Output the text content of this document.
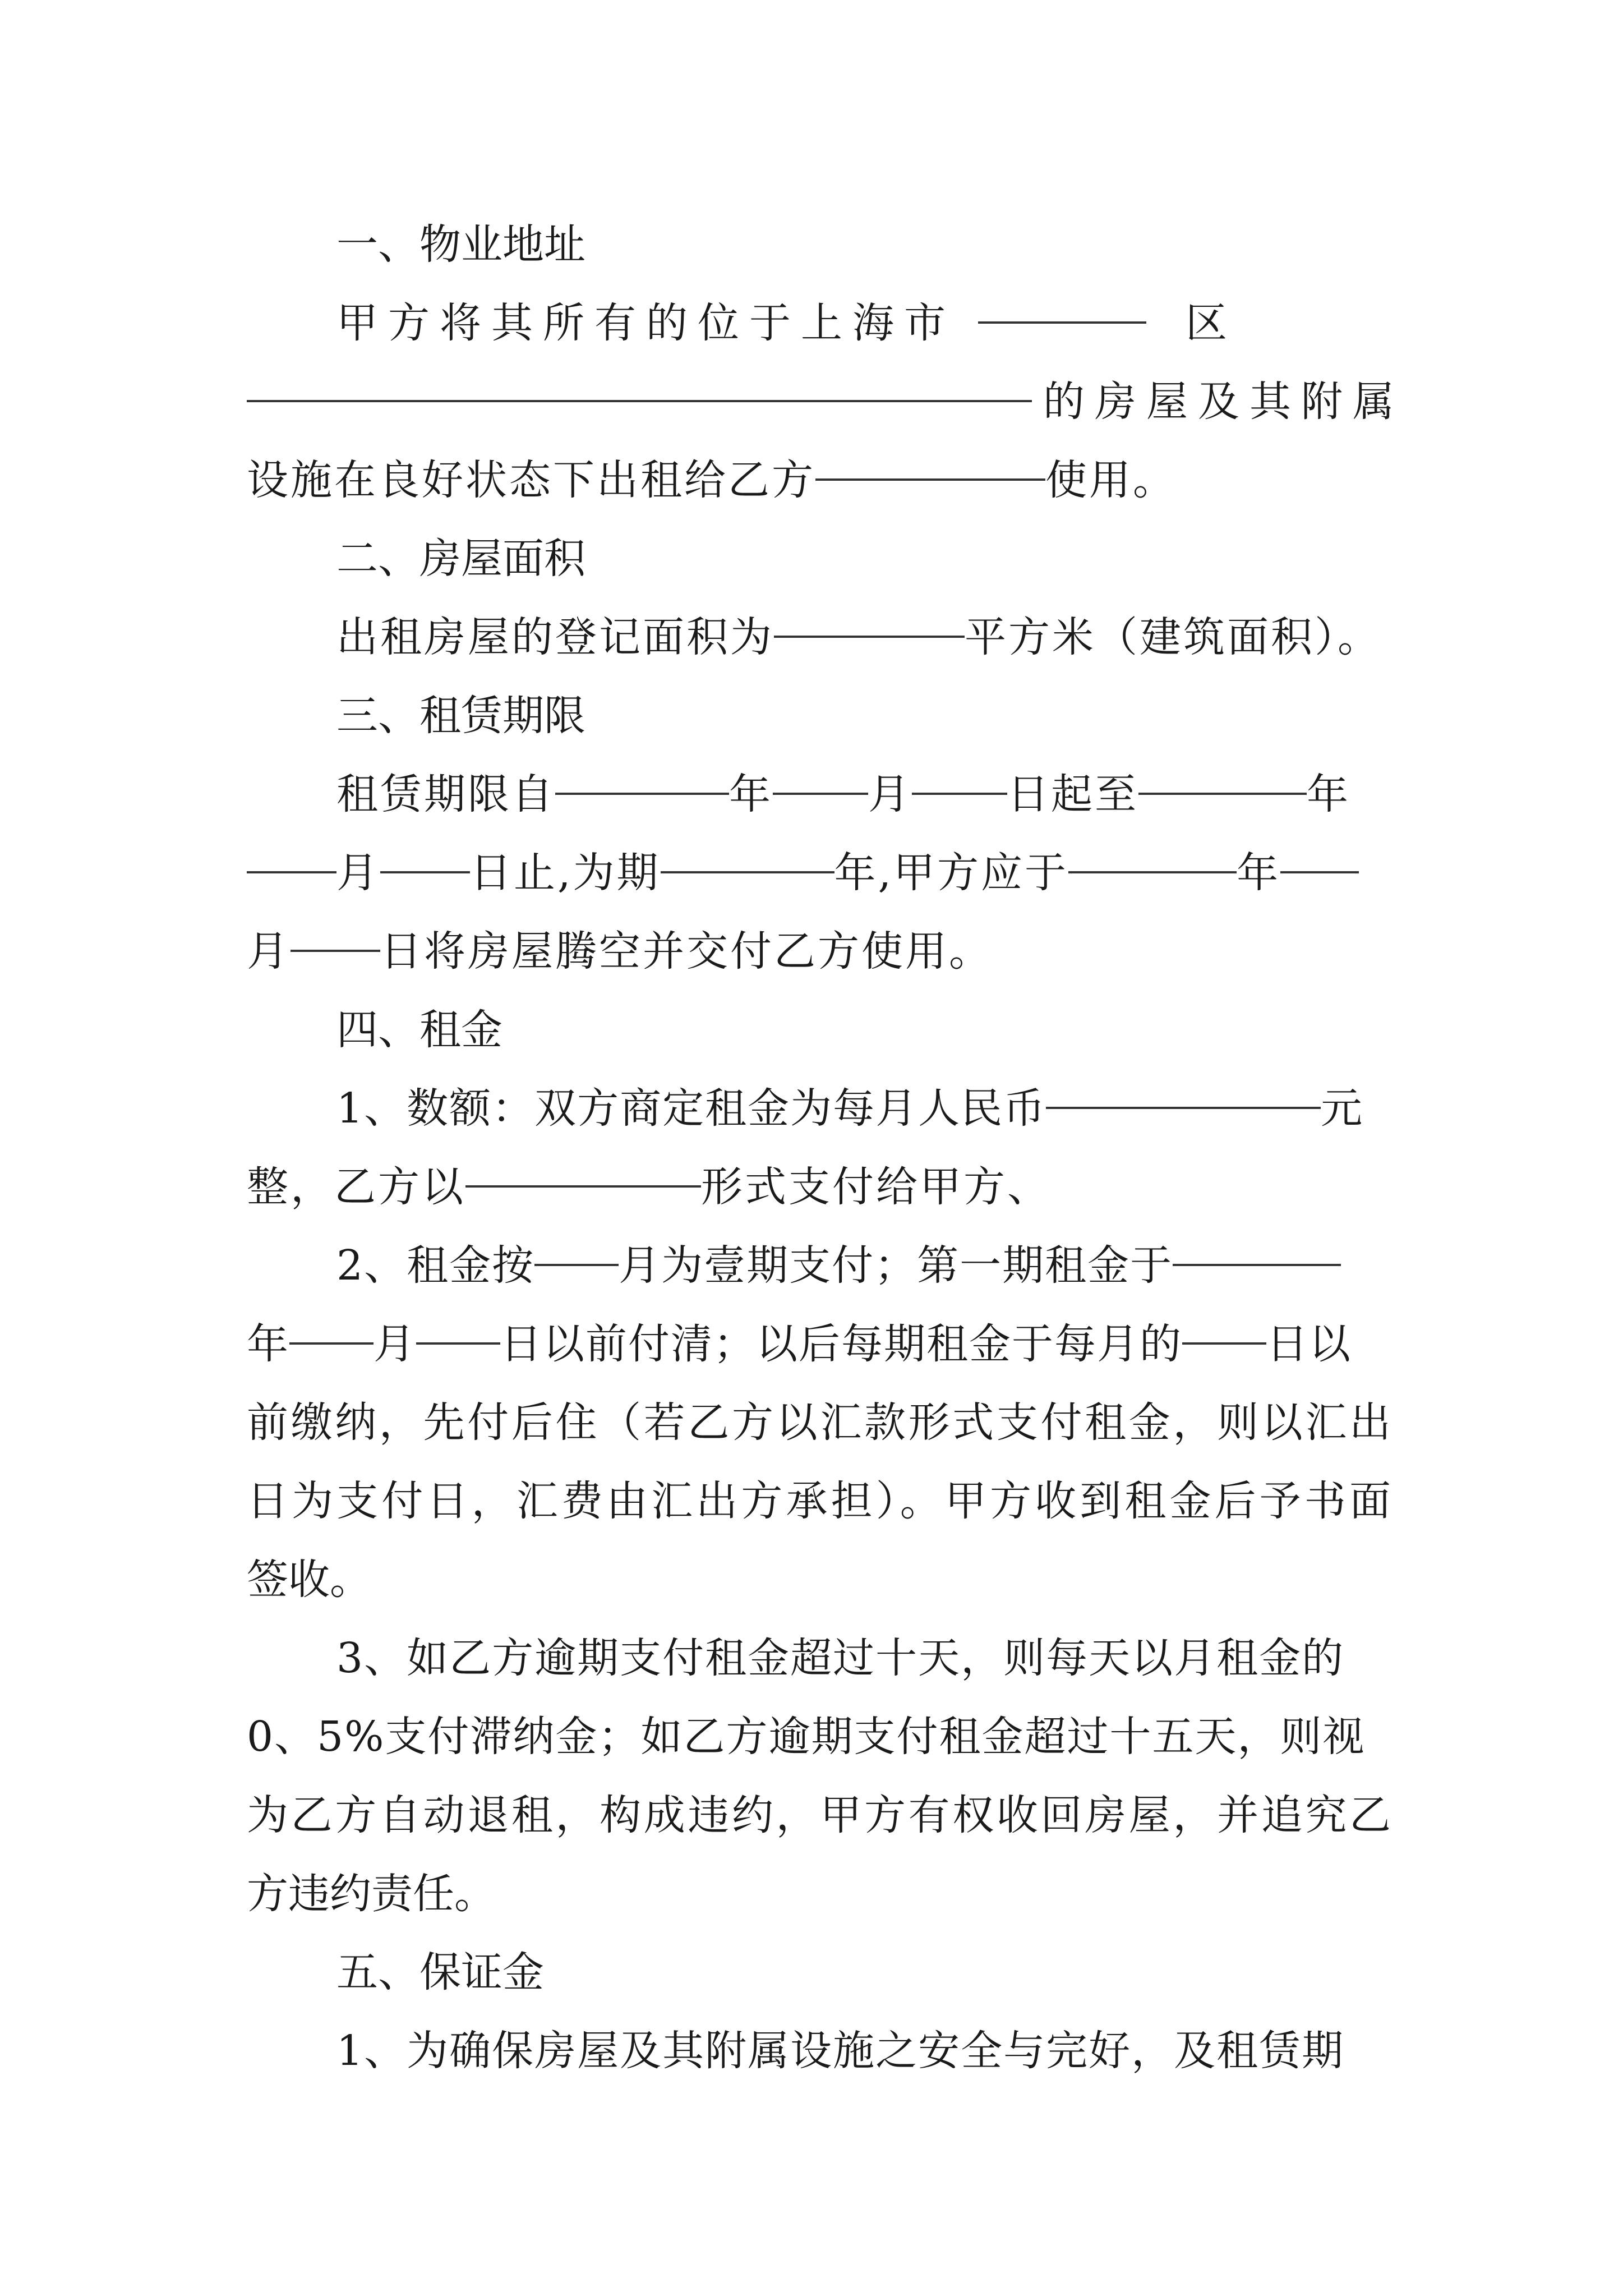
一、物业地址
甲方将其所有的位于上海市	区
的房屋及其附属
设施在良好状态下出租给乙方	使用。
二、房屋面积
出租房屋的登记面积为	平方米（建筑面积）。
三、租赁期限
租赁期限自	年 月 日起至	年
月 日止,为期	年,甲方应于	年
月 日将房屋腾空并交付乙方使用。
四、租金
1、数额：双方商定租金为每月人民币	元
整，乙方以	形式支付给甲方、
2、租金按 月为壹期支付；第一期租金于
年 月 日以前付清；以后每期租金于每月的 日以
前缴纳，先付后住（若乙方以汇款形式支付租金，则以汇出
日为支付日，汇费由汇出方承担）。甲方收到租金后予书面
签收。
3、如乙方逾期支付租金超过十天，则每天以月租金的
0、5%支付滞纳金；如乙方逾期支付租金超过十五天，则视
为乙方自动退租，构成违约，甲方有权收回房屋，并追究乙
方违约责任。
五、保证金
1、为确保房屋及其附属设施之安全与完好，及租赁期
